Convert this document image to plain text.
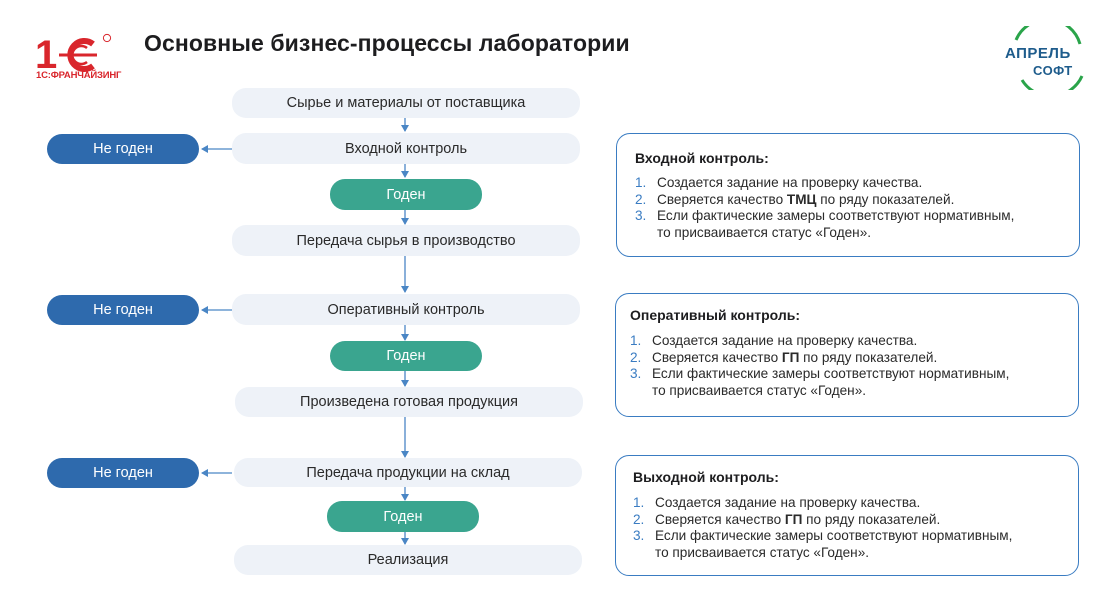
1
1С:ФРАНЧАЙЗИНГ
АПРЕЛЬ
СОФТ
Основные бизнес-процессы лаборатории
Сырье и материалы от поставщика
Входной контроль
Годен
Передача сырья в производство
Оперативный контроль
Годен
Произведена готовая продукция
Передача продукции на склад
Годен
Реализация
Не годен
Не годен
Не годен
Входной контроль:
1. Создается задание на проверку качества.
2. Сверяется качество ТМЦ по ряду показателей.
3. Если фактические замеры соответствуют нормативным, то присваивается статус «Годен».
Оперативный контроль:
1. Создается задание на проверку качества.
2. Сверяется качество ГП по ряду показателей.
3. Если фактические замеры соответствуют нормативным, то присваивается статус «Годен».
Выходной контроль:
1. Создается задание на проверку качества.
2. Сверяется качество ГП по ряду показателей.
3. Если фактические замеры соответствуют нормативным, то присваивается статус «Годен».
